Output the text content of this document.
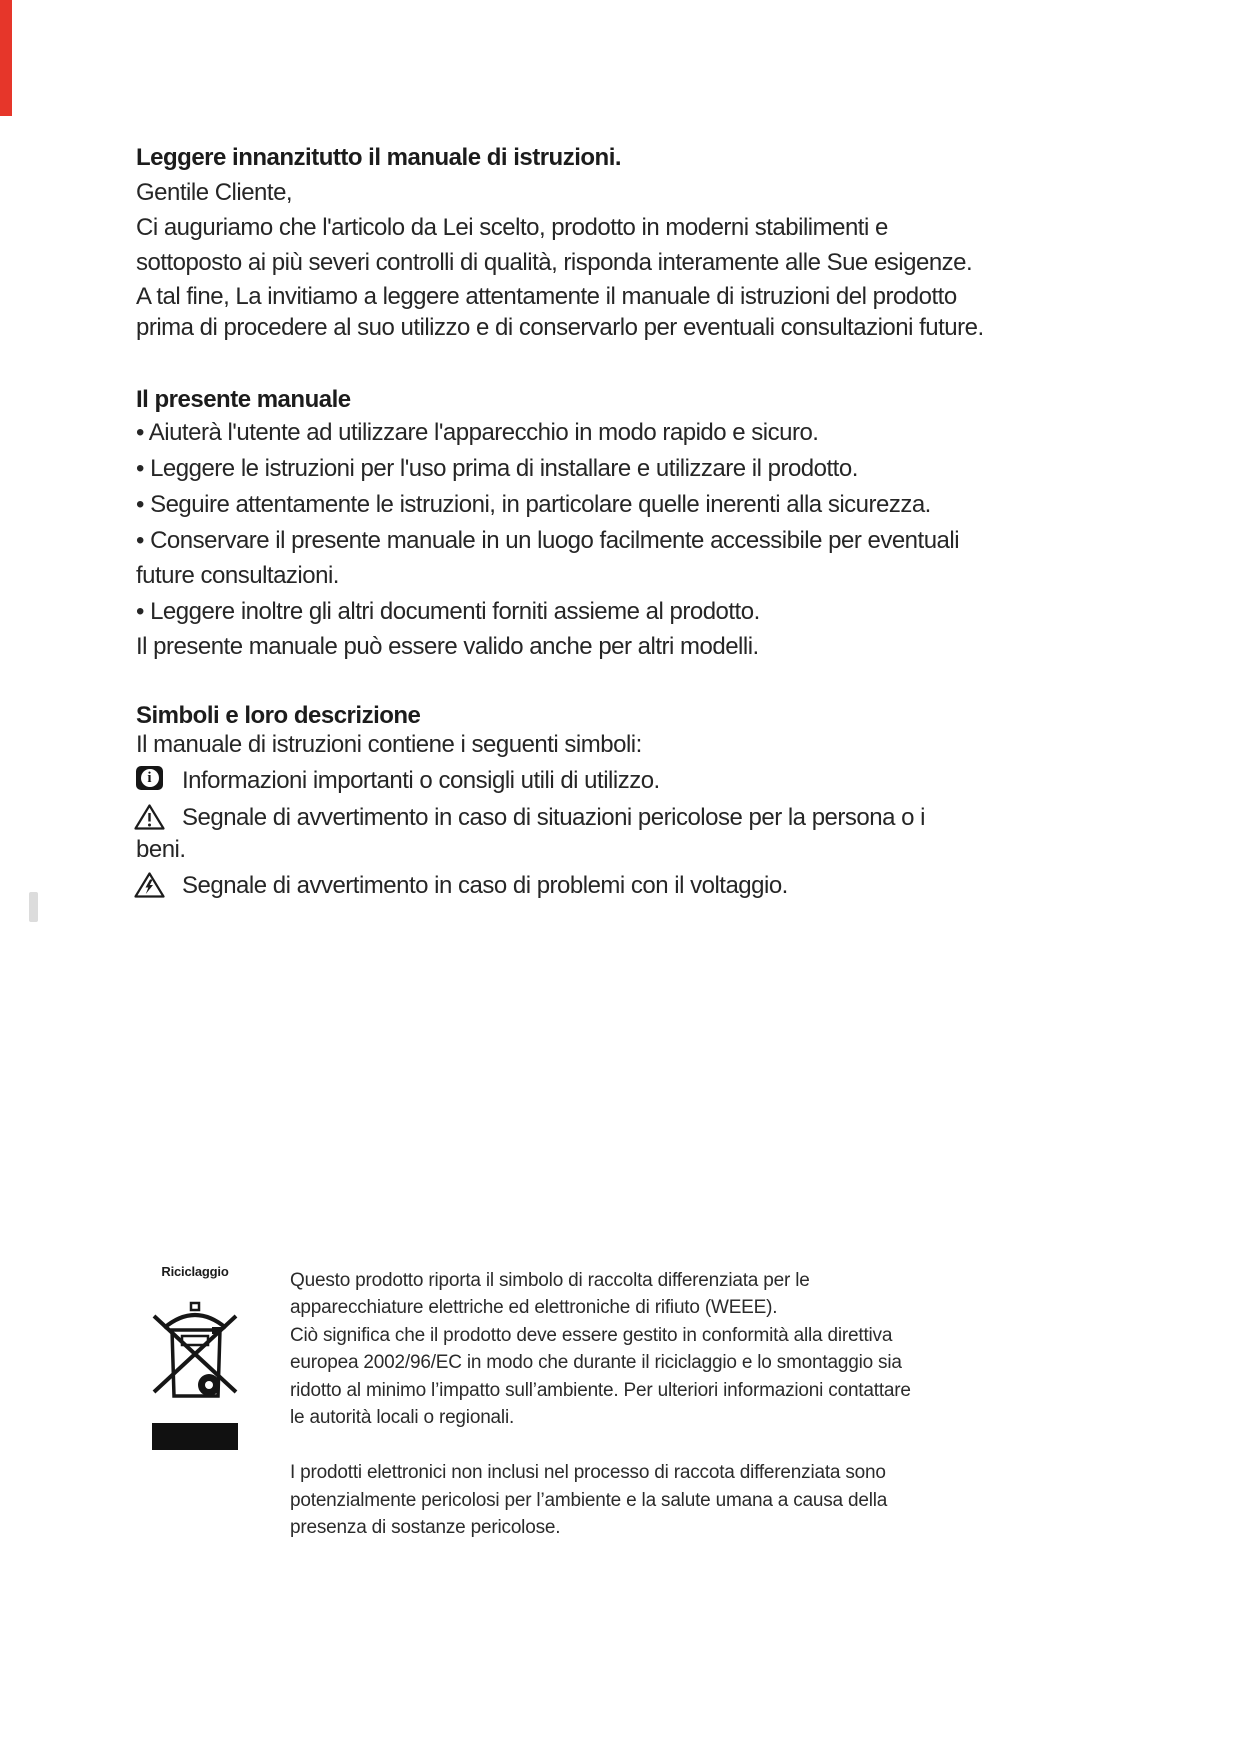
Leggere innanzitutto il manuale di istruzioni.
Gentile Cliente,
Ci auguriamo che l'articolo da Lei scelto, prodotto in moderni stabilimenti e
sottoposto ai più severi controlli di qualità, risponda interamente alle Sue esigenze.
A tal fine, La invitiamo a leggere attentamente il manuale di istruzioni del prodotto
prima di procedere al suo utilizzo e di conservarlo per eventuali consultazioni future.
Il presente manuale
• Aiuterà l'utente ad utilizzare l'apparecchio in modo rapido e sicuro.
• Leggere le istruzioni per l'uso prima di installare e utilizzare il prodotto.
• Seguire attentamente le istruzioni, in particolare quelle inerenti alla sicurezza.
• Conservare il presente manuale in un luogo facilmente accessibile per eventuali
future consultazioni.
• Leggere inoltre gli altri documenti forniti assieme al prodotto.
Il presente manuale può essere valido anche per altri modelli.
Simboli e loro descrizione
Il manuale di istruzioni contiene i seguenti simboli:
i Informazioni importanti o consigli utili di utilizzo.
Segnale di avvertimento in caso di situazioni pericolose per la persona o i
beni.
Segnale di avvertimento in caso di problemi con il voltaggio.
Riciclaggio	Questo prodotto riporta il simbolo di raccolta differenziata per le
apparecchiature elettriche ed elettroniche di rifiuto (WEEE).
Ciò significa che il prodotto deve essere gestito in conformità alla direttiva
europea 2002/96/EC in modo che durante il riciclaggio e lo smontaggio sia
ridotto al minimo l’impatto sull’ambiente. Per ulteriori informazioni contattare
le autorità locali o regionali.
I prodotti elettronici non inclusi nel processo di raccota differenziata sono
potenzialmente pericolosi per l’ambiente e la salute umana a causa della
presenza di sostanze pericolose.
